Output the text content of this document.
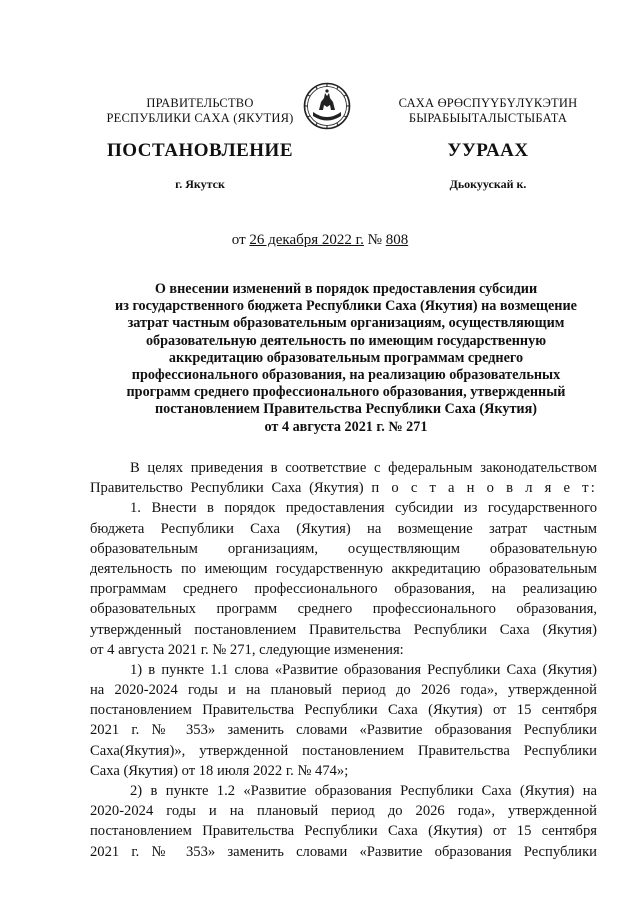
ПРАВИТЕЛЬСТВО
РЕСПУБЛИКИ САХА (ЯКУТИЯ)
САХА ӨРӨСПҮҮБҮЛҮКЭТИН
БЫРАБЫЫТАЛЫСТЫБАТА
ПОСТАНОВЛЕНИЕ	УУРААХ
г. Якутск	Дьокуускай к.
от 26 декабря 2022 г. № 808
О внесении изменений в порядок предоставления субсидии
из государственного бюджета Республики Саха (Якутия) на возмещение
затрат частным образовательным организациям, осуществляющим
образовательную деятельность по имеющим государственную
аккредитацию образовательным программам среднего
профессионального образования, на реализацию образовательных
программ среднего профессионального образования, утвержденный
постановлением Правительства Республики Саха (Якутия)
от 4 августа 2021 г. № 271
В целях приведения в соответствие с федеральным законодательством
Правительство Республики Саха (Якутия) п о с т а н о в л я е т:
1. Внести в порядок предоставления субсидии из государственного
бюджета Республики Саха (Якутия) на возмещение затрат частным
образовательным организациям, осуществляющим образовательную
деятельность по имеющим государственную аккредитацию образовательным
программам среднего профессионального образования, на реализацию
образовательных программ среднего профессионального образования,
утвержденный постановлением Правительства Республики Саха (Якутия)
от 4 августа 2021 г. № 271, следующие изменения:
1) в пункте 1.1 слова «Развитие образования Республики Саха (Якутия)
на 2020-2024 годы и на плановый период до 2026 года», утвержденной
постановлением Правительства Республики Саха (Якутия) от 15 сентября
2021 г. № 353» заменить словами «Развитие образования Республики
Саха(Якутия)», утвержденной постановлением Правительства Республики
Саха (Якутия) от 18 июля 2022 г. № 474»;
2) в пункте 1.2 «Развитие образования Республики Саха (Якутия) на
2020-2024 годы и на плановый период до 2026 года», утвержденной
постановлением Правительства Республики Саха (Якутия) от 15 сентября
2021 г. № 353» заменить словами «Развитие образования Республики
